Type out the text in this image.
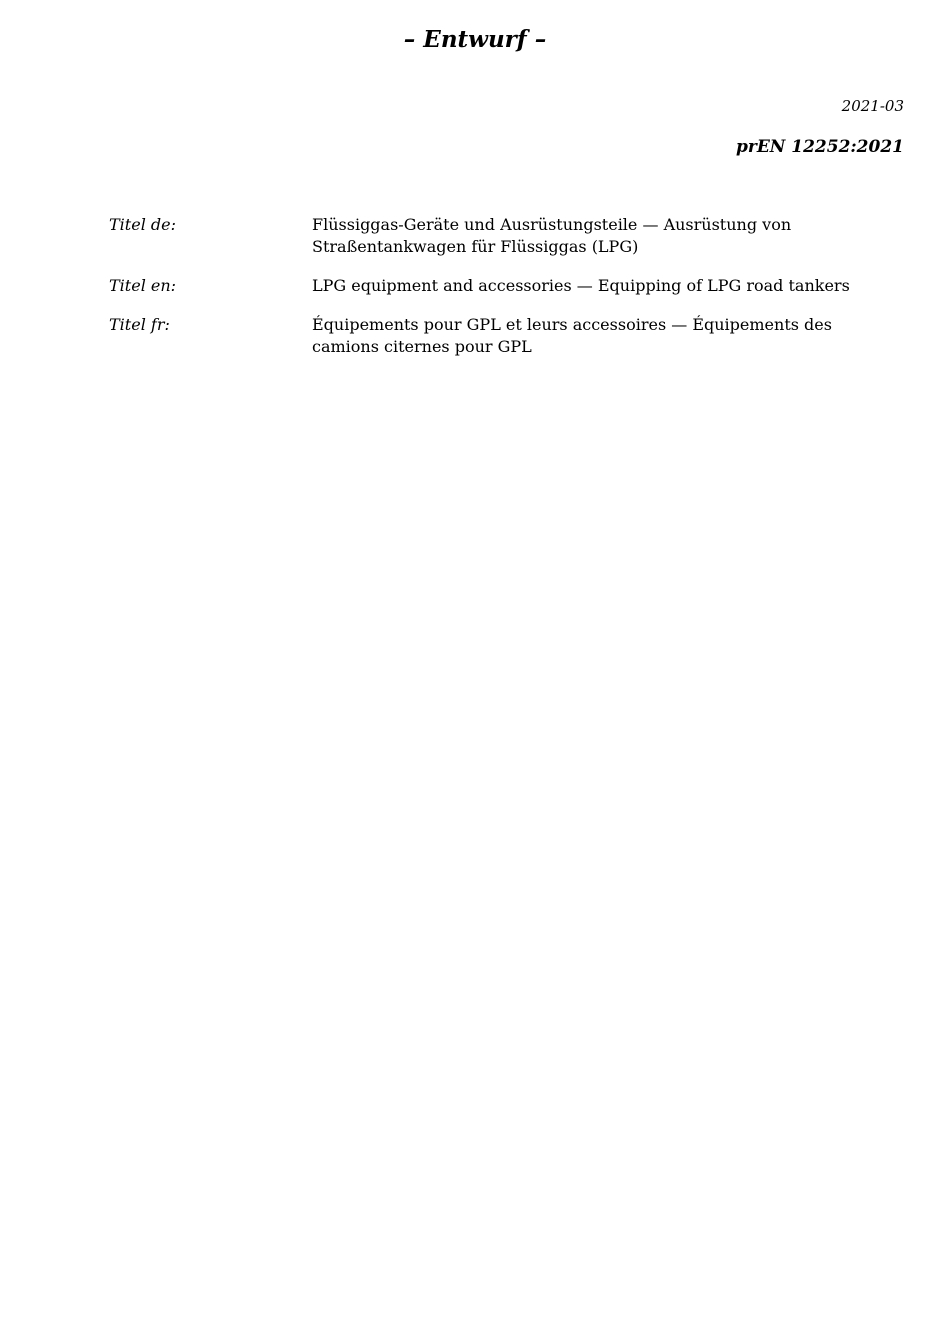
– Entwurf –
2021-03
prEN 12252:2021
Titel de:	Flüssiggas-Geräte und Ausrüstungsteile — Ausrüstung von Straßentankwagen für Flüssiggas (LPG)
Titel en:	LPG equipment and accessories — Equipping of LPG road tankers
Titel fr:	Équipements pour GPL et leurs accessoires — Équipements des camions citernes pour GPL
